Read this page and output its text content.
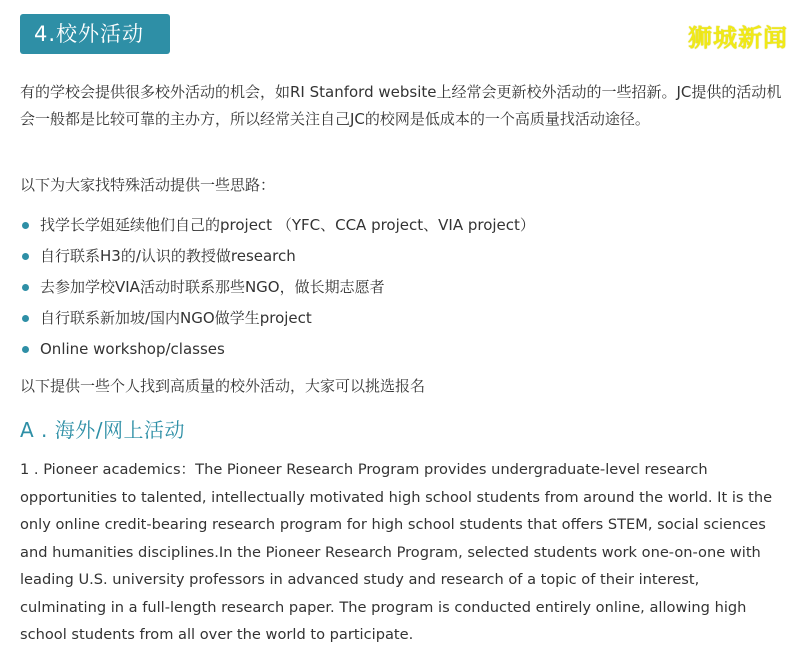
4.校外活动	狮城新闻
有的学校会提供很多校外活动的机会，如RI Stanford website上经常会更新校外活动的一些招新。JC提供的活动机会一般都是比较可靠的主办方，所以经常关注自己JC的校网是低成本的一个高质量找活动途径。
以下为大家找特殊活动提供一些思路：
找学长学姐延续他们自己的project （YFC、CCA project、VIA project）
自行联系H3的/认识的教授做research
去参加学校VIA活动时联系那些NGO，做长期志愿者
自行联系新加坡/国内NGO做学生project
Online workshop/classes
以下提供一些个人找到高质量的校外活动，大家可以挑选报名
A . 海外/网上活动
1 . Pioneer academics：The Pioneer Research Program provides undergraduate-level research opportunities to talented, intellectually motivated high school students from around the world. It is the only online credit-bearing research program for high school students that offers STEM, social sciences and humanities disciplines.In the Pioneer Research Program, selected students work one-on-one with leading U.S. university professors in advanced study and research of a topic of their interest, culminating in a full-length research paper. The program is conducted entirely online, allowing high school students from all over the world to participate.
